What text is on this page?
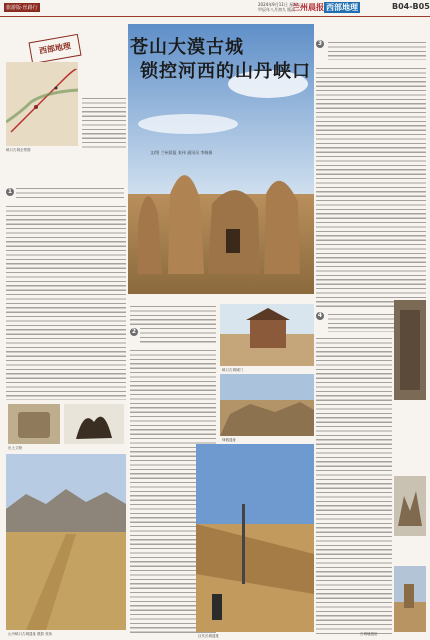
旅游版·丝路行
2024年9月11日 星期三
甲辰年八月初九 版次
兰州晨报 西部地理	B04-B05
西部地理
峡口古城全景图
苍山大漠古城
锁控河西的山丹峡口
文/图 兰州晨报 张伟 通讯员 李娟娟
3
1
出土文物
山丹峡口古城遗址 摄影 张伟
2
峡口古城城门
烽燧遗址
汉代长城遗址
4
古城墙遗址
